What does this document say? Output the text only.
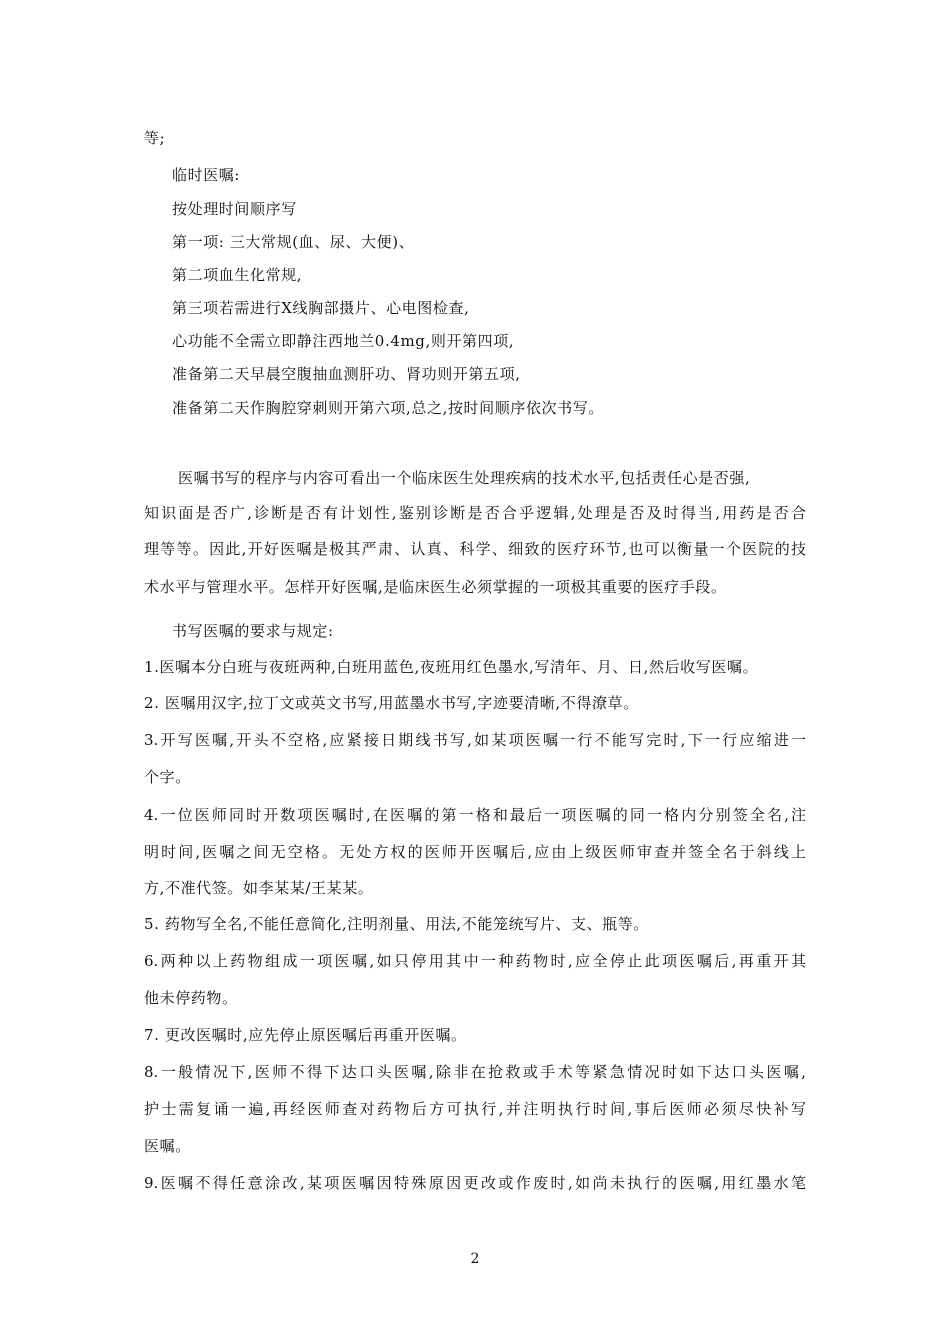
等;
临时医嘱:
按处理时间顺序写
第一项: 三大常规(血、尿、大便)、
第二项血生化常规,
第三项若需进行X线胸部摄片、心电图检查,
心功能不全需立即静注西地兰0.4mg,则开第四项,
准备第二天早晨空腹抽血测肝功、肾功则开第五项,
准备第二天作胸腔穿刺则开第六项,总之,按时间顺序依次书写。
医嘱书写的程序与内容可看出一个临床医生处理疾病的技术水平,包括责任心是否强,
知识面是否广,诊断是否有计划性,鉴别诊断是否合乎逻辑,处理是否及时得当,用药是否合
理等等。因此,开好医嘱是极其严肃、认真、科学、细致的医疗环节,也可以衡量一个医院的技
术水平与管理水平。怎样开好医嘱,是临床医生必须掌握的一项极其重要的医疗手段。
书写医嘱的要求与规定:
1.医嘱本分白班与夜班两种,白班用蓝色,夜班用红色墨水,写清年、月、日,然后收写医嘱。
2. 医嘱用汉字,拉丁文或英文书写,用蓝墨水书写,字迹要清晰,不得潦草。
3.开写医嘱,开头不空格,应紧接日期线书写,如某项医嘱一行不能写完时,下一行应缩进一
个字。
4.一位医师同时开数项医嘱时,在医嘱的第一格和最后一项医嘱的同一格内分别签全名,注
明时间,医嘱之间无空格。无处方权的医师开医嘱后,应由上级医师审查并签全名于斜线上
方,不准代签。如李某某/王某某。
5. 药物写全名,不能任意简化,注明剂量、用法,不能笼统写片、支、瓶等。
6.两种以上药物组成一项医嘱,如只停用其中一种药物时,应全停止此项医嘱后,再重开其
他未停药物。
7. 更改医嘱时,应先停止原医嘱后再重开医嘱。
8.一般情况下,医师不得下达口头医嘱,除非在抢救或手术等紧急情况时如下达口头医嘱,
护士需复诵一遍,再经医师查对药物后方可执行,并注明执行时间,事后医师必须尽快补写
医嘱。
9.医嘱不得任意涂改,某项医嘱因特殊原因更改或作废时,如尚未执行的医嘱,用红墨水笔
2
